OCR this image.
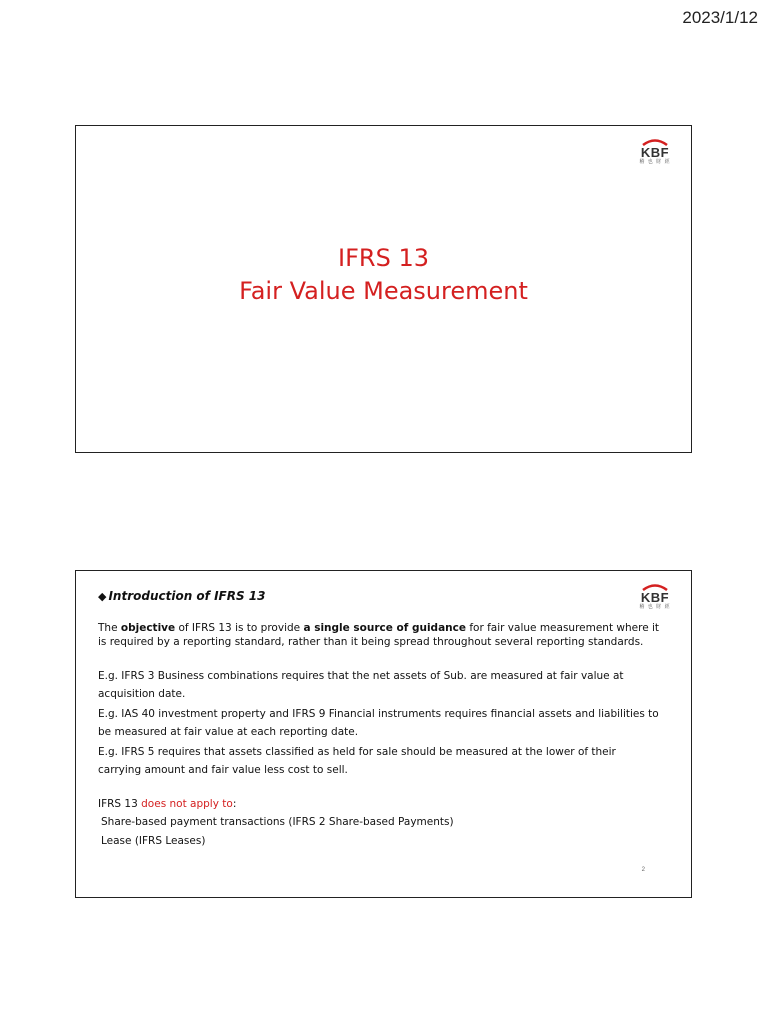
2023/1/12
KBF
稽 也 財 經
IFRS 13
Fair Value Measurement
KBF
稽 也 財 經
◆ Introduction of IFRS 13
The objective of IFRS 13 is to provide a single source of guidance for fair value measurement where it is required by a reporting standard, rather than it being spread throughout several reporting standards.
E.g. IFRS 3 Business combinations requires that the net assets of Sub. are measured at fair value at acquisition date.
E.g. IAS 40 investment property and IFRS 9 Financial instruments requires financial assets and liabilities to be measured at fair value at each reporting date.
E.g. IFRS 5 requires that assets classified as held for sale should be measured at the lower of their carrying amount and fair value less cost to sell.
IFRS 13 does not apply to:
Share-based payment transactions (IFRS 2 Share-based Payments)
Lease (IFRS Leases)
2
